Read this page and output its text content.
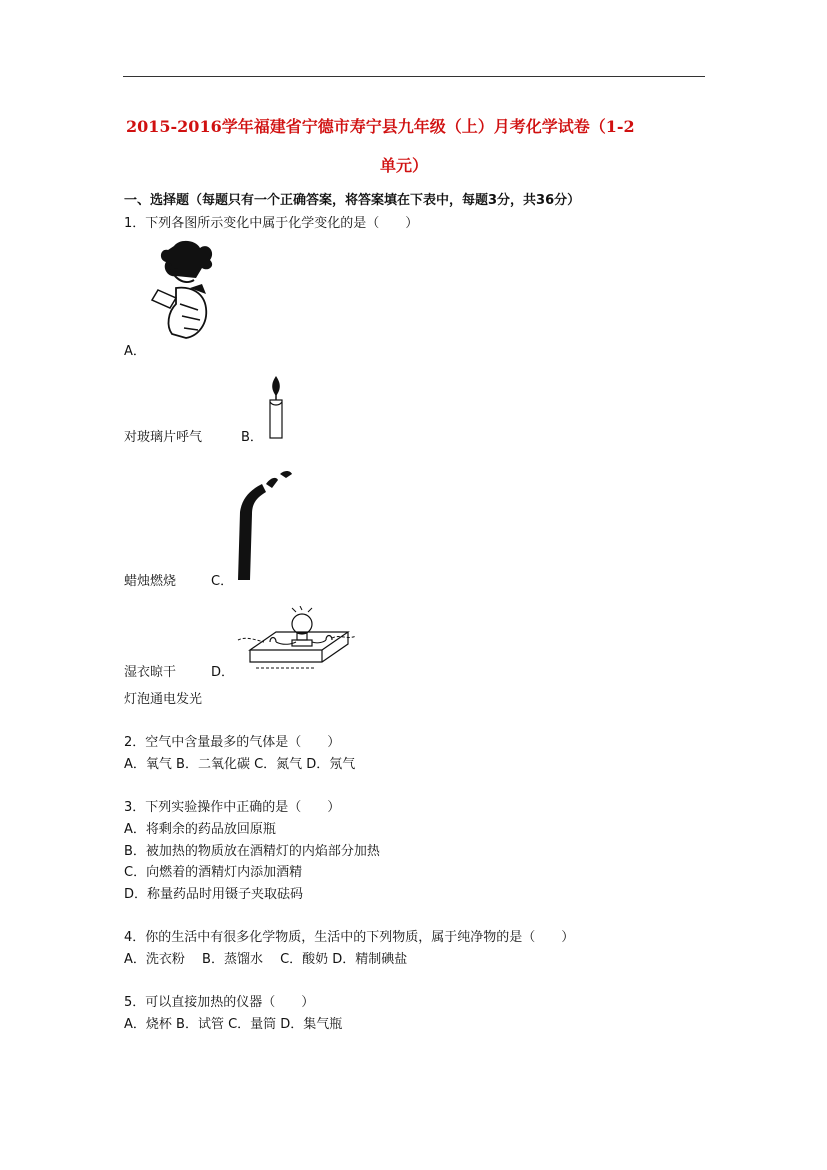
2015-2016学年福建省宁德市寿宁县九年级（上）月考化学试卷（1-2
单元）
一、选择题（每题只有一个正确答案，将答案填在下表中，每题3分，共36分）
1．下列各图所示变化中属于化学变化的是（　　）
A．
对玻璃片呼气	B．
蜡烛燃烧	C．
湿衣晾干	D．
灯泡通电发光
2．空气中含量最多的气体是（　　）
A．氧气 B．二氧化碳 C．氮气 D．氖气
3．下列实验操作中正确的是（　　）
A．将剩余的药品放回原瓶
B．被加热的物质放在酒精灯的内焰部分加热
C．向燃着的酒精灯内添加酒精
D．称量药品时用镊子夹取砝码
4．你的生活中有很多化学物质，生活中的下列物质，属于纯净物的是（　　）
A．洗衣粉　 B．蒸馏水　 C．酸奶 D．精制碘盐
5．可以直接加热的仪器（　　）
A．烧杯 B．试管 C．量筒 D．集气瓶
